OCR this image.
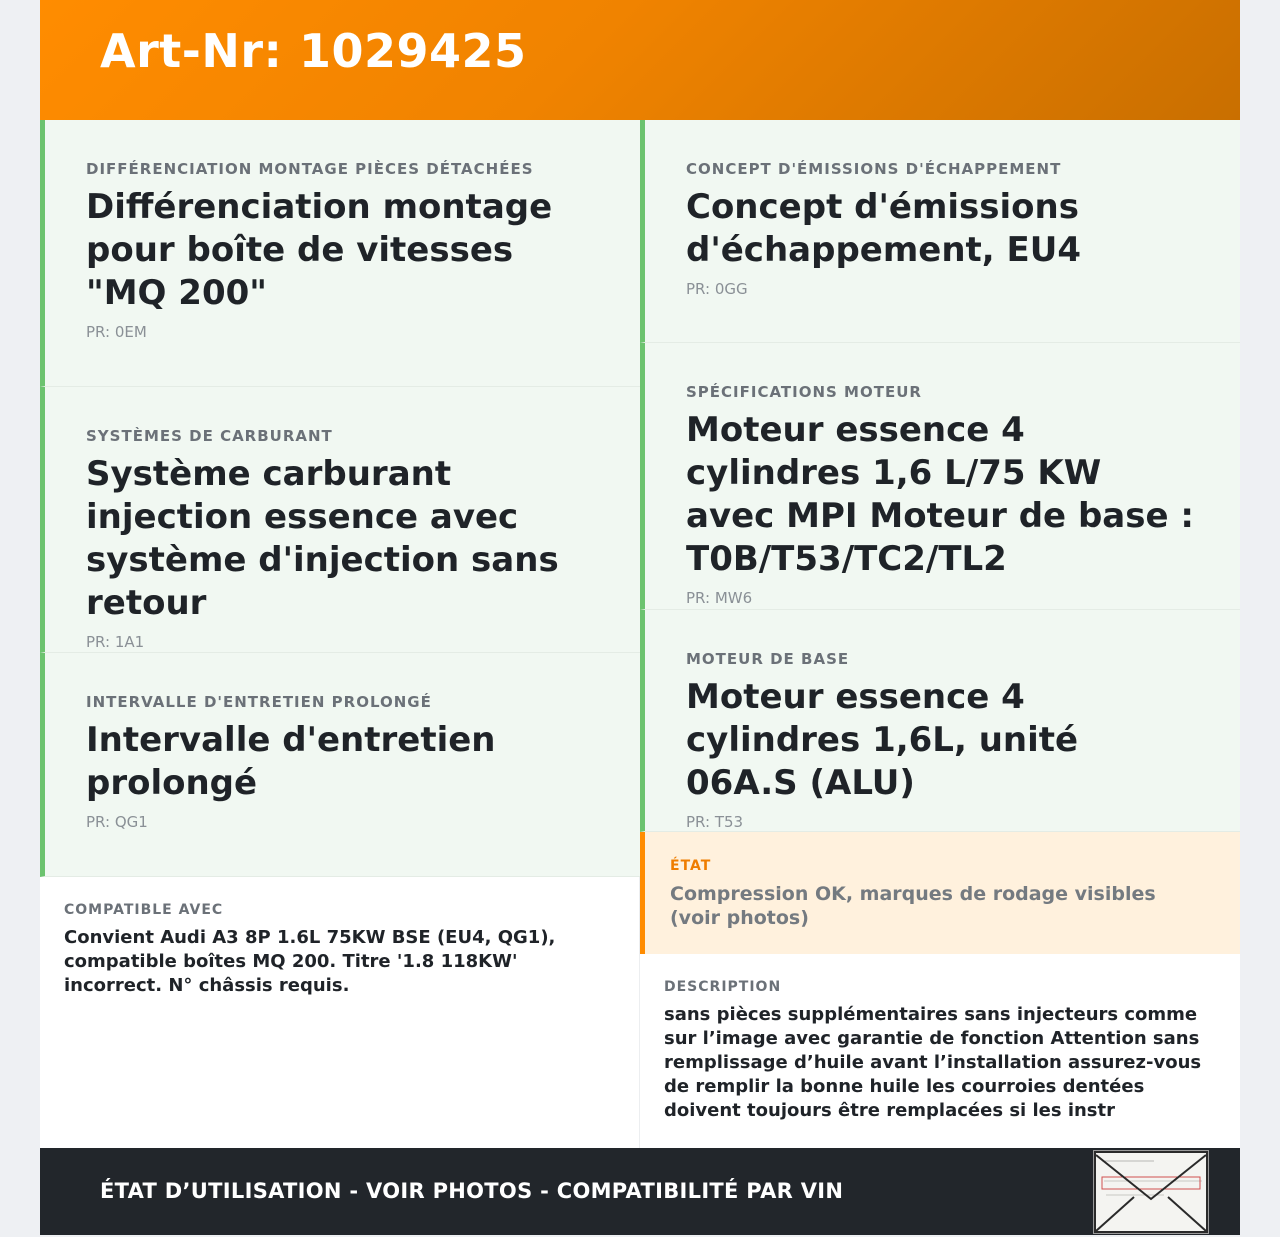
Art-Nr: 1029425
DIFFÉRENCIATION MONTAGE PIÈCES DÉTACHÉES
Différenciation montage pour boîte de vitesses "MQ 200"
PR: 0EM
SYSTÈMES DE CARBURANT
Système carburant injection essence avec système d'injection sans retour
PR: 1A1
INTERVALLE D'ENTRETIEN PROLONGÉ
Intervalle d'entretien prolongé
PR: QG1
CONCEPT D'ÉMISSIONS D'ÉCHAPPEMENT
Concept d'émissions d'échappement, EU4
PR: 0GG
SPÉCIFICATIONS MOTEUR
Moteur essence 4 cylindres 1,6 L/75 KW avec MPI Moteur de base : T0B/T53/TC2/TL2
PR: MW6
MOTEUR DE BASE
Moteur essence 4 cylindres 1,6L, unité 06A.S (ALU)
PR: T53
COMPATIBLE AVEC
Convient Audi A3 8P 1.6L 75KW BSE (EU4, QG1), compatible boîtes MQ 200. Titre '1.8 118KW' incorrect. N° châssis requis.
ÉTAT
Compression OK, marques de rodage visibles (voir photos)
DESCRIPTION
sans pièces supplémentaires sans injecteurs comme sur l’image avec garantie de fonction Attention sans remplissage d’huile avant l’installation assurez-vous de remplir la bonne huile les courroies dentées doivent toujours être remplacées si les instr
ÉTAT D’UTILISATION - VOIR PHOTOS - COMPATIBILITÉ PAR VIN
